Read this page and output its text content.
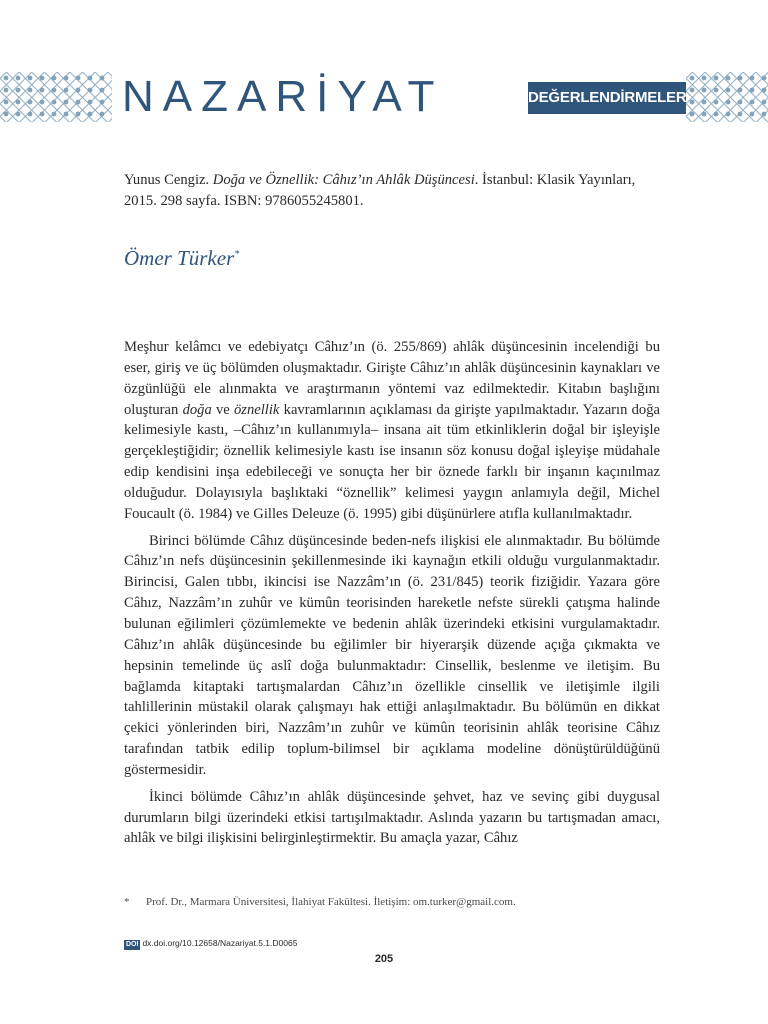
NAZARİYAT	DEĞERLENDİRMELER
Yunus Cengiz. Doğa ve Öznellik: Câhız’ın Ahlâk Düşüncesi. İstanbul: Klasik Yayınları, 2015. 298 sayfa. ISBN: 9786055245801.
Ömer Türker*

Meşhur kelâmcı ve edebiyatçı Câhız’ın (ö. 255/869) ahlâk düşüncesinin incelendiği bu eser, giriş ve üç bölümden oluşmaktadır. Girişte Câhız’ın ahlâk düşüncesinin kaynakları ve özgünlüğü ele alınmakta ve araştırmanın yöntemi vaz edilmektedir. Kitabın başlığını oluşturan doğa ve öznellik kavramlarının açıklaması da girişte yapılmaktadır. Yazarın doğa kelimesiyle kastı, –Câhız’ın kullanımıyla– insana ait tüm etkinliklerin doğal bir işleyişle gerçekleştiğidir; öznellik kelimesiyle kastı ise insanın söz konusu doğal işleyişe müdahale edip kendisini inşa edebileceği ve sonuçta her bir öznede farklı bir inşanın kaçınılmaz olduğudur. Dolayısıyla başlıktaki “öznellik” kelimesi yaygın anlamıyla değil, Michel Foucault (ö. 1984) ve Gilles Deleuze (ö. 1995) gibi düşünürlere atıfla kullanılmaktadır.

Birinci bölümde Câhız düşüncesinde beden-nefs ilişkisi ele alınmaktadır. Bu bölümde Câhız’ın nefs düşüncesinin şekillenmesinde iki kaynağın etkili olduğu vurgulanmaktadır. Birincisi, Galen tıbbı, ikincisi ise Nazzâm’ın (ö. 231/845) teorik fiziğidir. Yazara göre Câhız, Nazzâm’ın zuhûr ve kümûn teorisinden hareketle nefste sürekli çatışma halinde bulunan eğilimleri çözümlemekte ve bedenin ahlâk üzerindeki etkisini vurgulamaktadır. Câhız’ın ahlâk düşüncesinde bu eğilimler bir hiyerarşik düzende açığa çıkmakta ve hepsinin temelinde üç aslî doğa bulunmaktadır: Cinsellik, beslenme ve iletişim. Bu bağlamda kitaptaki tartışmalardan Câhız’ın özellikle cinsellik ve iletişimle ilgili tahlillerinin müstakil olarak çalışmayı hak ettiği anlaşılmaktadır. Bu bölümün en dikkat çekici yönlerinden biri, Nazzâm’ın zuhûr ve kümûn teorisinin ahlâk teorisine Câhız tarafından tatbik edilip toplum-bilimsel bir açıklama modeline dönüştürüldüğünü göstermesidir.

İkinci bölümde Câhız’ın ahlâk düşüncesinde şehvet, haz ve sevinç gibi duygusal durumların bilgi üzerindeki etkisi tartışılmaktadır. Aslında yazarın bu tartışmadan amacı, ahlâk ve bilgi ilişkisini belirginleştirmektir. Bu amaçla yazar, Câhız

* Prof. Dr., Marmara Üniversitesi, İlahiyat Fakültesi. İletişim: om.turker@gmail.com.
DOI dx.doi.org/10.12658/Nazariyat.5.1.D0065
205
